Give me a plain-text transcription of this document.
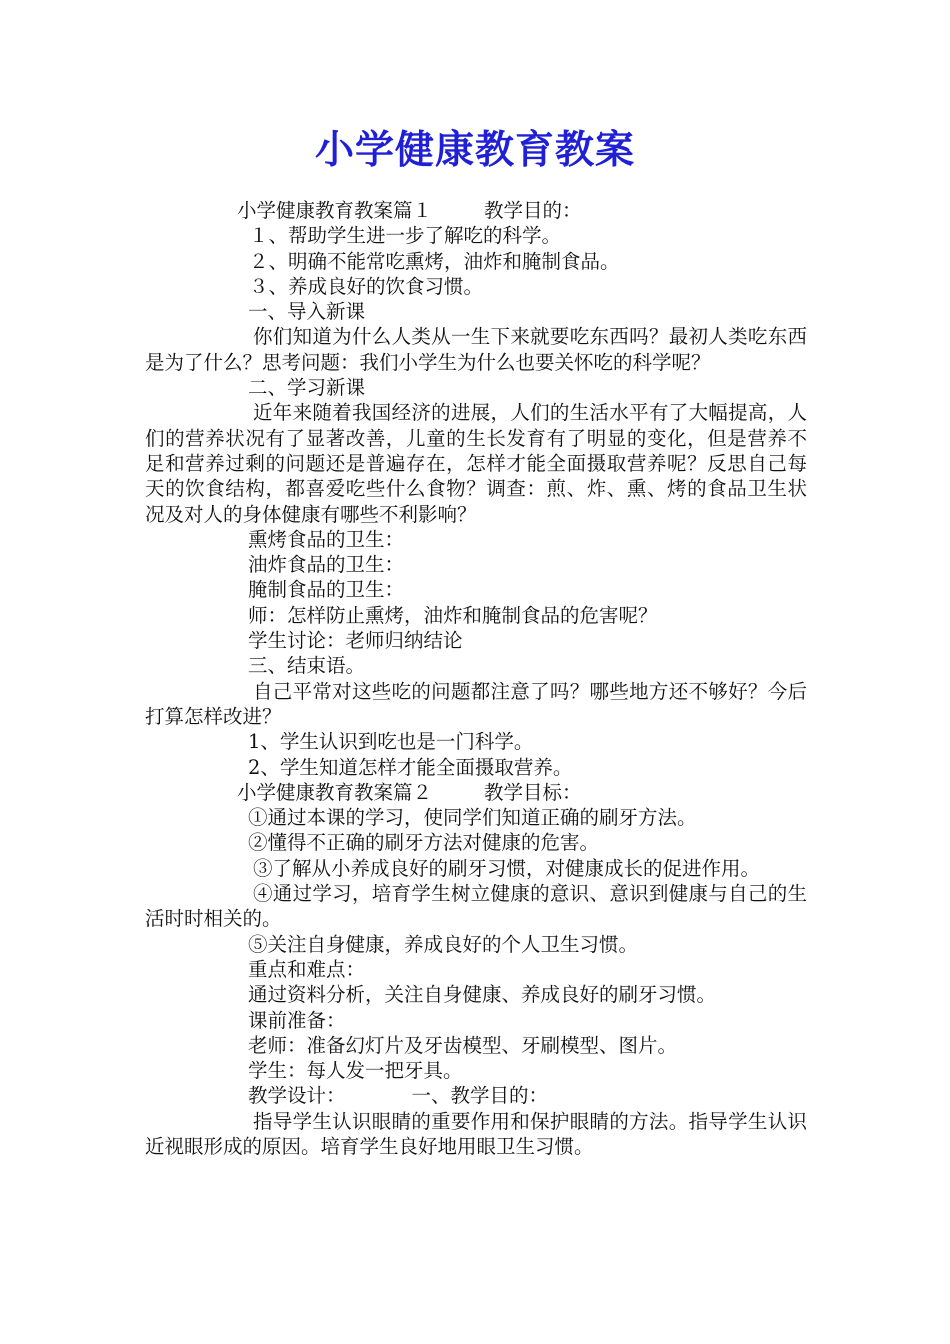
小学健康教育教案
小学健康教育教案篇１	教学目的：
１、帮助学生进一步了解吃的科学。
２、明确不能常吃熏烤，油炸和腌制食品。
３、养成良好的饮食习惯。
一、导入新课

你们知道为什么人类从一生下来就要吃东西吗？最初人类吃东西是为了什么？思考问题：我们小学生为什么也要关怀吃的科学呢？

二、学习新课

近年来随着我国经济的进展，人们的生活水平有了大幅提高，人们的营养状况有了显著改善，儿童的生长发育有了明显的变化，但是营养不足和营养过剩的问题还是普遍存在，怎样才能全面摄取营养呢？反思自己每天的饮食结构，都喜爱吃些什么食物？调查：煎、炸、熏、烤的食品卫生状况及对人的身体健康有哪些不利影响？

熏烤食品的卫生：
油炸食品的卫生：
腌制食品的卫生：
师：怎样防止熏烤，油炸和腌制食品的危害呢？
学生讨论：老师归纳结论
三、结束语。

自己平常对这些吃的问题都注意了吗？哪些地方还不够好？今后打算怎样改进？

1、学生认识到吃也是一门科学。
2、学生知道怎样才能全面摄取营养。
小学健康教育教案篇２	教学目标：
①通过本课的学习，使同学们知道正确的刷牙方法。
②懂得不正确的刷牙方法对健康的危害。

③了解从小养成良好的刷牙习惯，对健康成长的促进作用。

④通过学习，培育学生树立健康的意识、意识到健康与自己的生活时时相关的。

⑤关注自身健康，养成良好的个人卫生习惯。
重点和难点：
通过资料分析，关注自身健康、养成良好的刷牙习惯。
课前准备：
老师：准备幻灯片及牙齿模型、牙刷模型、图片。
学生：每人发一把牙具。
教学设计：	一、教学目的：

指导学生认识眼睛的重要作用和保护眼睛的方法。指导学生认识近视眼形成的原因。培育学生良好地用眼卫生习惯。
